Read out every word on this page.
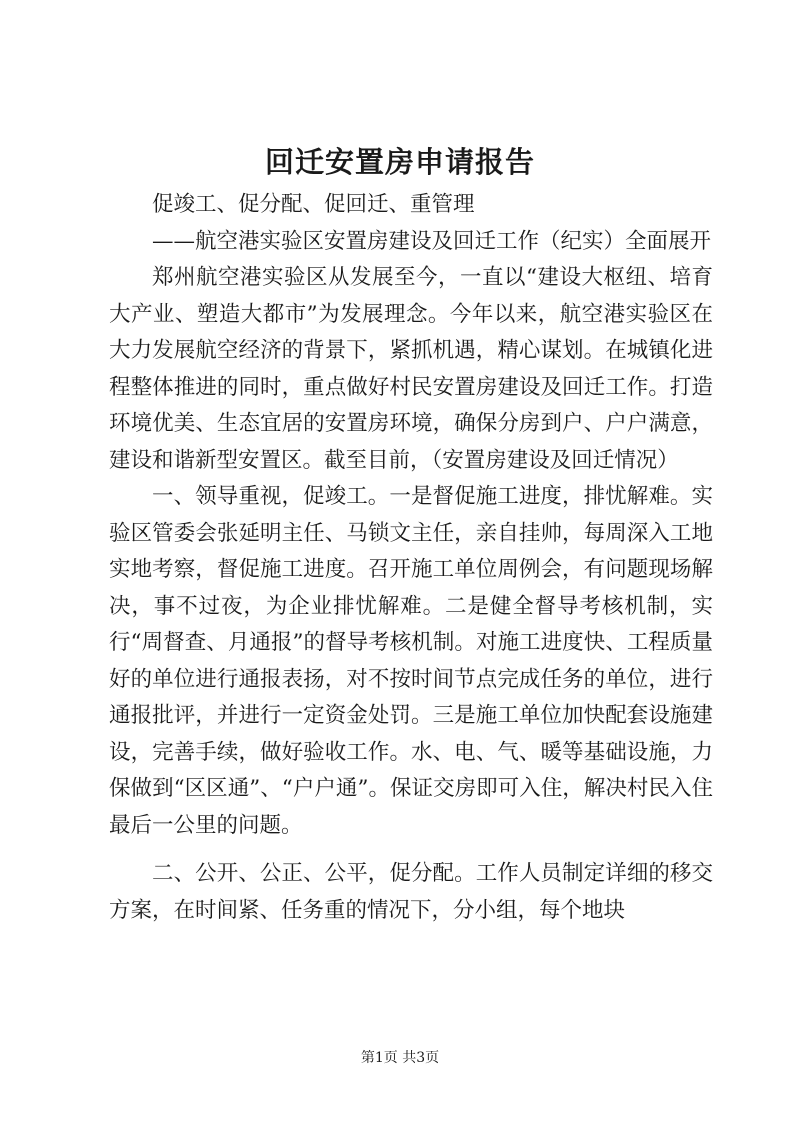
回迁安置房申请报告

促竣工、促分配、促回迁、重管理

——航空港实验区安置房建设及回迁工作（纪实）全面展开

郑州航空港实验区从发展至今，一直以“建设大枢纽、培育大产业、塑造大都市”为发展理念。今年以来，航空港实验区在大力发展航空经济的背景下，紧抓机遇，精心谋划。在城镇化进程整体推进的同时，重点做好村民安置房建设及回迁工作。打造环境优美、生态宜居的安置房环境，确保分房到户、户户满意，建设和谐新型安置区。截至目前，（安置房建设及回迁情况）

一、领导重视，促竣工。一是督促施工进度，排忧解难。实验区管委会张延明主任、马锁文主任，亲自挂帅，每周深入工地实地考察，督促施工进度。召开施工单位周例会，有问题现场解决，事不过夜，为企业排忧解难。二是健全督导考核机制，实行“周督查、月通报”的督导考核机制。对施工进度快、工程质量好的单位进行通报表扬，对不按时间节点完成任务的单位，进行通报批评，并进行一定资金处罚。三是施工单位加快配套设施建设，完善手续，做好验收工作。水、电、气、暖等基础设施，力保做到“区区通”、“户户通”。保证交房即可入住，解决村民入住最后一公里的问题。

二、公开、公正、公平，促分配。工作人员制定详细的移交方案，在时间紧、任务重的情况下，分小组，每个地块

第1页 共3页
